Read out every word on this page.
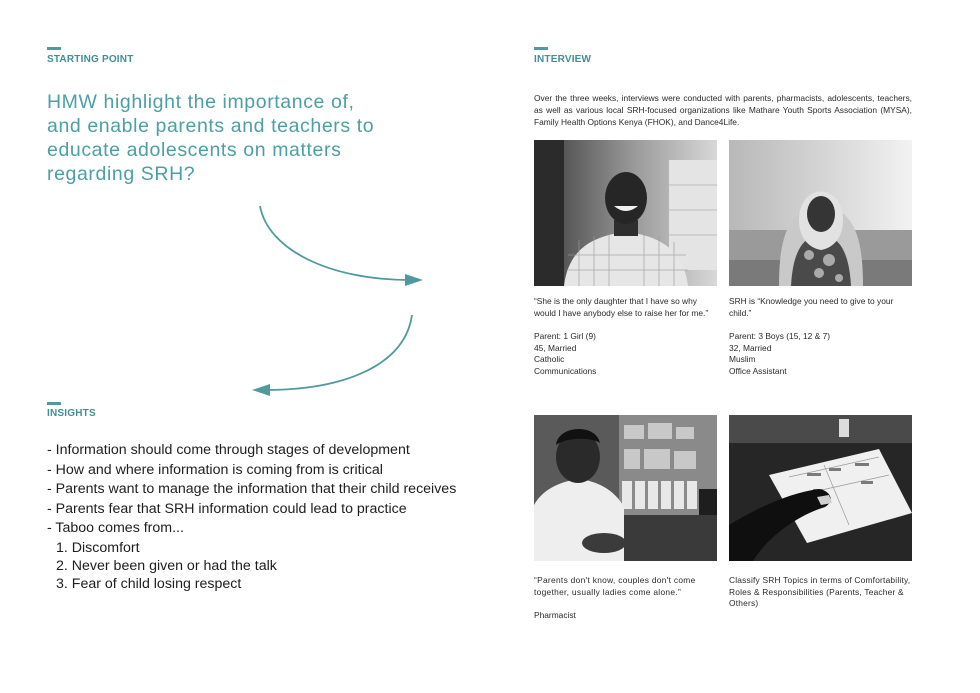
STARTING POINT
HMW highlight the importance of, and enable parents and teachers to educate adolescents on matters regarding SRH?
INSIGHTS
- Information should come through stages of development
- How and where information is coming from is critical
- Parents want to manage the information that their child receives
- Parents fear that SRH information could lead to practice
- Taboo comes from...
1. Discomfort
2. Never been given or had the talk
3. Fear of child losing respect
INTERVIEW
Over the three weeks, interviews were conducted with parents, pharmacists, adolescents, teachers, as well as various local SRH-focused organizations like Mathare Youth Sports Association (MYSA), Family Health Options Kenya (FHOK), and Dance4Life.
“She is the only daughter that I have so why would I have anybody else to raise her for me.”
Parent: 1 Girl (9)
45, Married
Catholic
Communications
SRH is “Knowledge you need to give to your child.”
Parent: 3 Boys (15, 12 & 7)
32, Married
Muslim
Office Assistant
“Parents don't know, couples don't come together, usually ladies come alone.”
Pharmacist
Classify SRH Topics in terms of Comfortability, Roles & Responsibilities (Parents, Teacher & Others)
